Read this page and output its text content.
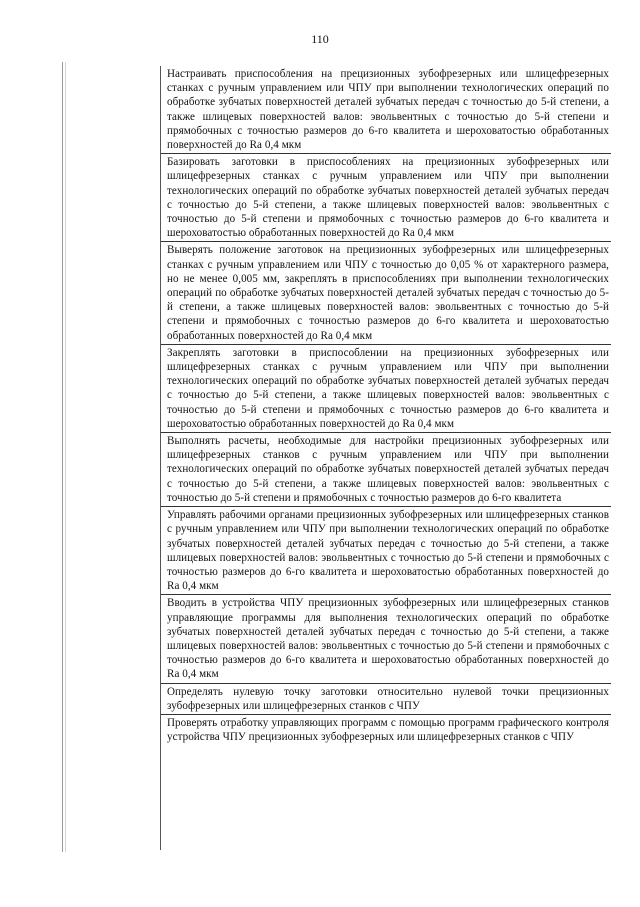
110
Настраивать приспособления на прецизионных зубофрезерных или шлицефрезерных станках с ручным управлением или ЧПУ при выполнении технологических операций по обработке зубчатых поверхностей деталей зубчатых передач с точностью до 5-й степени, а также шлицевых поверхностей валов: эвольвентных с точностью до 5-й степени и прямобочных с точностью размеров до 6-го квалитета и шероховатостью обработанных поверхностей до Ra 0,4 мкм
Базировать заготовки в приспособлениях на прецизионных зубофрезерных или шлицефрезерных станках с ручным управлением или ЧПУ при выполнении технологических операций по обработке зубчатых поверхностей деталей зубчатых передач с точностью до 5-й степени, а также шлицевых поверхностей валов: эвольвентных с точностью до 5-й степени и прямобочных с точностью размеров до 6-го квалитета и шероховатостью обработанных поверхностей до Ra 0,4 мкм
Выверять положение заготовок на прецизионных зубофрезерных или шлицефрезерных станках с ручным управлением или ЧПУ с точностью до 0,05 % от характерного размера, но не менее 0,005 мм, закреплять в приспособлениях при выполнении технологических операций по обработке зубчатых поверхностей деталей зубчатых передач с точностью до 5-й степени, а также шлицевых поверхностей валов: эвольвентных с точностью до 5-й степени и прямобочных с точностью размеров до 6-го квалитета и шероховатостью обработанных поверхностей до Ra 0,4 мкм
Закреплять заготовки в приспособлении на прецизионных зубофрезерных или шлицефрезерных станках с ручным управлением или ЧПУ при выполнении технологических операций по обработке зубчатых поверхностей деталей зубчатых передач с точностью до 5-й степени, а также шлицевых поверхностей валов: эвольвентных с точностью до 5-й степени и прямобочных с точностью размеров до 6-го квалитета и шероховатостью обработанных поверхностей до Ra 0,4 мкм
Выполнять расчеты, необходимые для настройки прецизионных зубофрезерных или шлицефрезерных станков с ручным управлением или ЧПУ при выполнении технологических операций по обработке зубчатых поверхностей деталей зубчатых передач с точностью до 5-й степени, а также шлицевых поверхностей валов: эвольвентных с точностью до 5-й степени и прямобочных с точностью размеров до 6-го квалитета
Управлять рабочими органами прецизионных зубофрезерных или шлицефрезерных станков с ручным управлением или ЧПУ при выполнении технологических операций по обработке зубчатых поверхностей деталей зубчатых передач с точностью до 5-й степени, а также шлицевых поверхностей валов: эвольвентных с точностью до 5-й степени и прямобочных с точностью размеров до 6-го квалитета и шероховатостью обработанных поверхностей до Ra 0,4 мкм
Вводить в устройства ЧПУ прецизионных зубофрезерных или шлицефрезерных станков управляющие программы для выполнения технологических операций по обработке зубчатых поверхностей деталей зубчатых передач с точностью до 5-й степени, а также шлицевых поверхностей валов: эвольвентных с точностью до 5-й степени и прямобочных с точностью размеров до 6-го квалитета и шероховатостью обработанных поверхностей до Ra 0,4 мкм
Определять нулевую точку заготовки относительно нулевой точки прецизионных зубофрезерных или шлицефрезерных станков с ЧПУ
Проверять отработку управляющих программ с помощью программ графического контроля устройства ЧПУ прецизионных зубофрезерных или шлицефрезерных станков с ЧПУ
